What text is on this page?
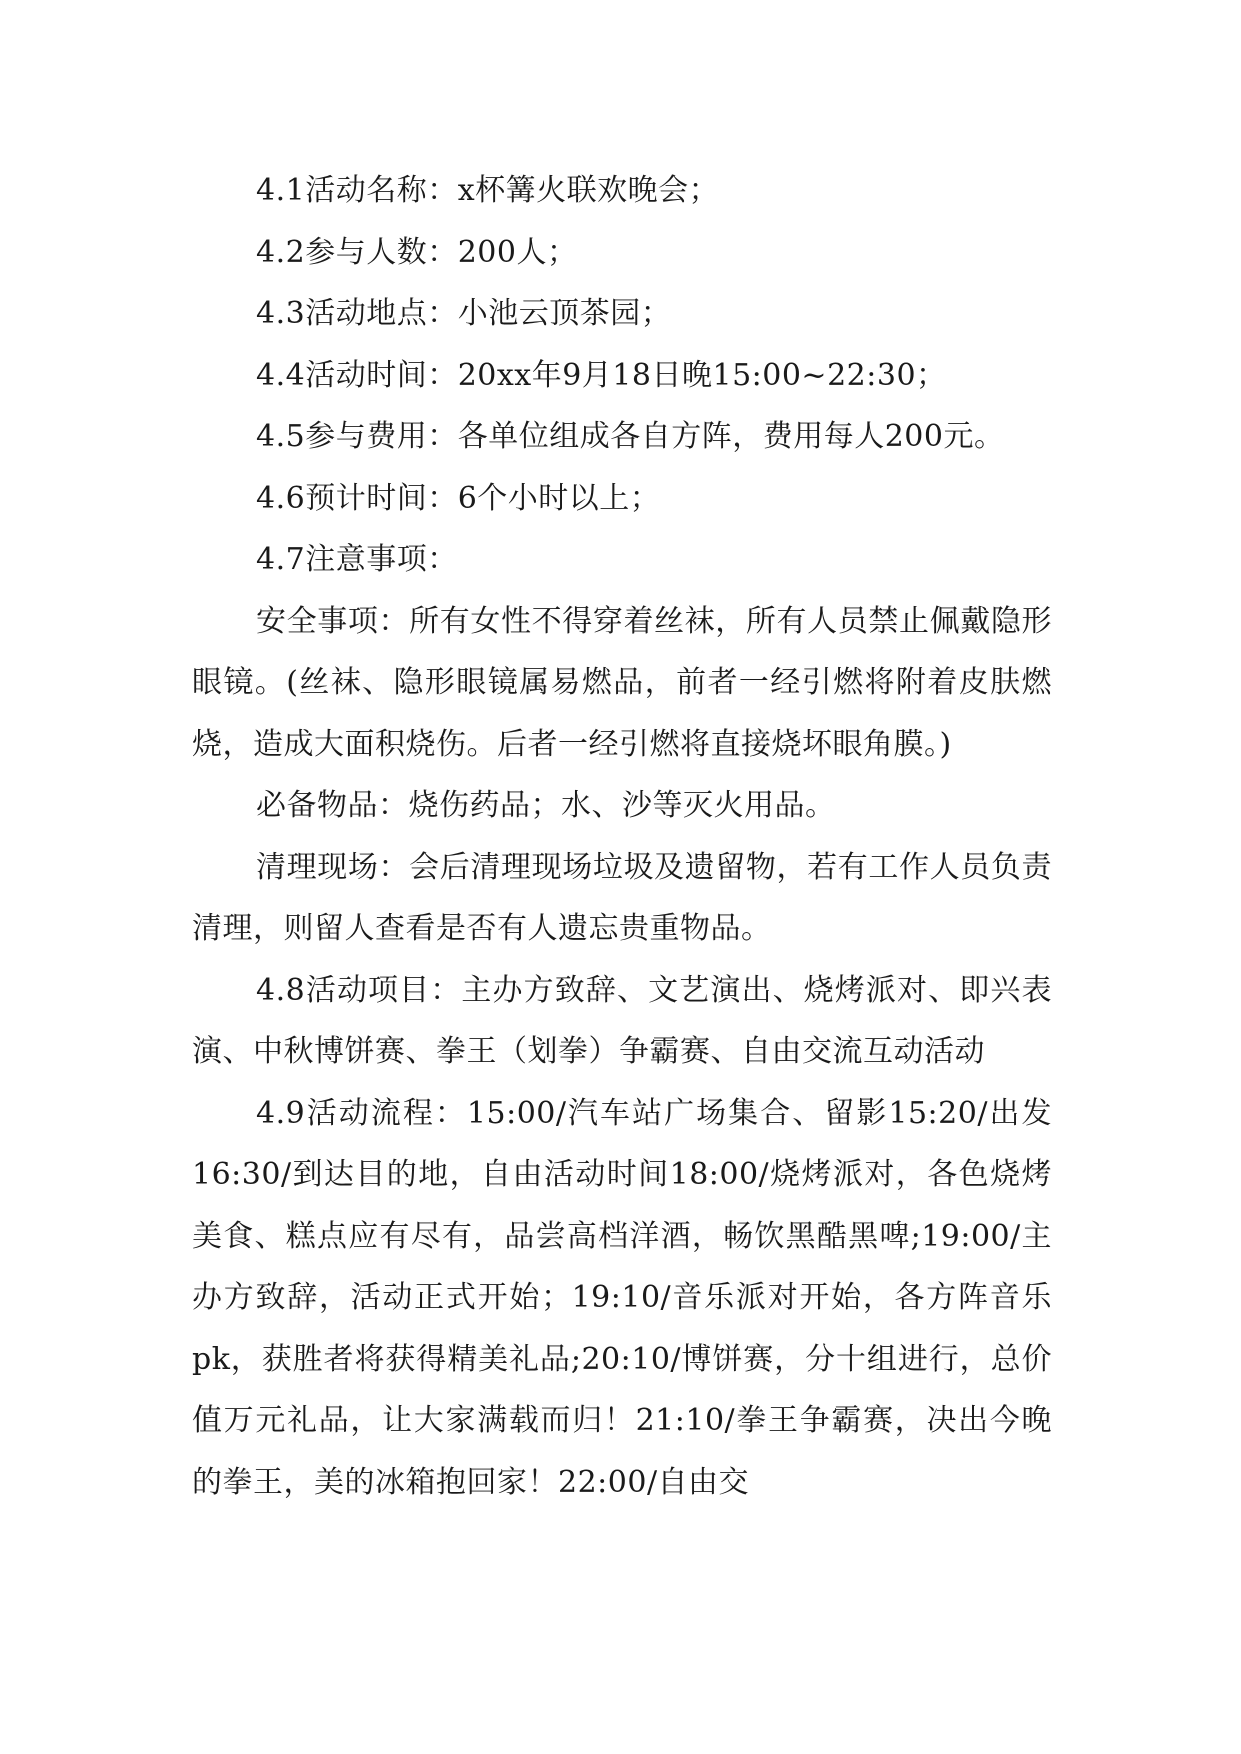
4.1活动名称：x杯篝火联欢晚会；

4.2参与人数：200人；

4.3活动地点：小池云顶茶园；

4.4活动时间：20xx年9月18日晚15:00~22:30；

4.5参与费用：各单位组成各自方阵，费用每人200元。

4.6预计时间：6个小时以上；

4.7注意事项：

安全事项：所有女性不得穿着丝袜，所有人员禁止佩戴隐形眼镜。(丝袜、隐形眼镜属易燃品，前者一经引燃将附着皮肤燃烧，造成大面积烧伤。后者一经引燃将直接烧坏眼角膜。)

必备物品：烧伤药品；水、沙等灭火用品。

清理现场：会后清理现场垃圾及遗留物，若有工作人员负责清理，则留人查看是否有人遗忘贵重物品。

4.8活动项目：主办方致辞、文艺演出、烧烤派对、即兴表演、中秋博饼赛、拳王（划拳）争霸赛、自由交流互动活动

4.9活动流程：15:00/汽车站广场集合、留影15:20/出发16:30/到达目的地，自由活动时间18:00/烧烤派对，各色烧烤美食、糕点应有尽有，品尝高档洋酒，畅饮黑酷黑啤;19:00/主办方致辞，活动正式开始；19:10/音乐派对开始，各方阵音乐pk，获胜者将获得精美礼品;20:10/博饼赛，分十组进行，总价值万元礼品，让大家满载而归！21:10/拳王争霸赛，决出今晚的拳王，美的冰箱抱回家！22:00/自由交
